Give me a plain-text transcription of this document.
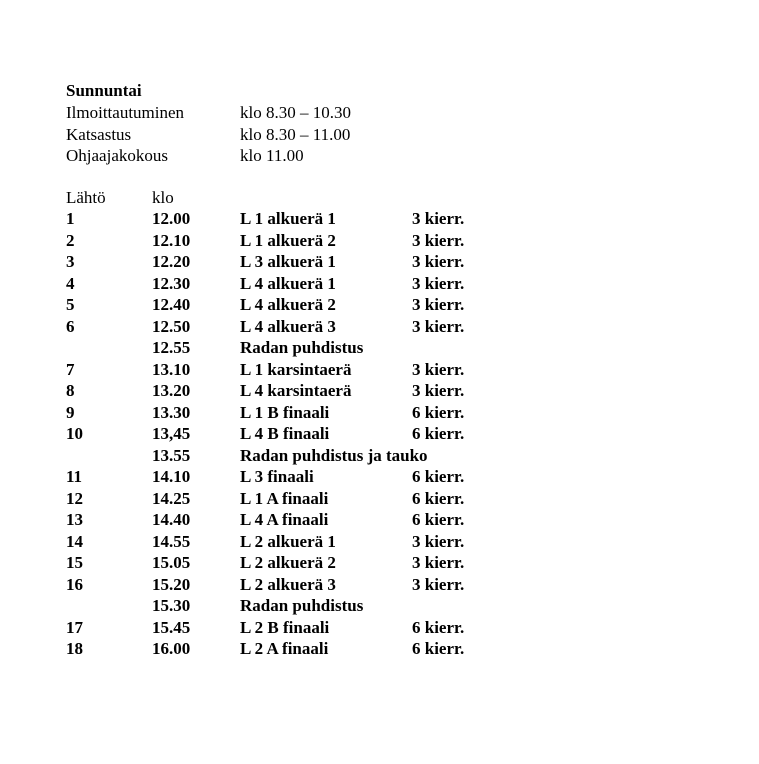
Sunnuntai
Ilmoittautuminen	klo 8.30 – 10.30
Katsastus	klo 8.30 – 11.00
Ohjaajakokous	klo 11.00
Lähtö	klo
1	12.00	L 1 alkuerä 1	3 kierr.
2	12.10	L 1 alkuerä 2	3 kierr.
3	12.20	L 3 alkuerä 1	3 kierr.
4	12.30	L 4 alkuerä 1	3 kierr.
5	12.40	L 4 alkuerä 2	3 kierr.
6	12.50	L 4 alkuerä 3	3 kierr.
12.55	Radan puhdistus
7	13.10	L 1 karsintaerä	3 kierr.
8	13.20	L 4 karsintaerä	3 kierr.
9	13.30	L 1 B finaali	6 kierr.
10	13,45	L 4 B finaali	6 kierr.
13.55	Radan puhdistus ja tauko
11	14.10	L 3 finaali	6 kierr.
12	14.25	L 1 A finaali	6 kierr.
13	14.40	L 4 A finaali	6 kierr.
14	14.55	L 2 alkuerä 1	3 kierr.
15	15.05	L 2 alkuerä 2	3 kierr.
16	15.20	L 2 alkuerä 3	3 kierr.
15.30	Radan puhdistus
17	15.45	L 2 B finaali	6 kierr.
18	16.00	L 2 A finaali	6 kierr.
